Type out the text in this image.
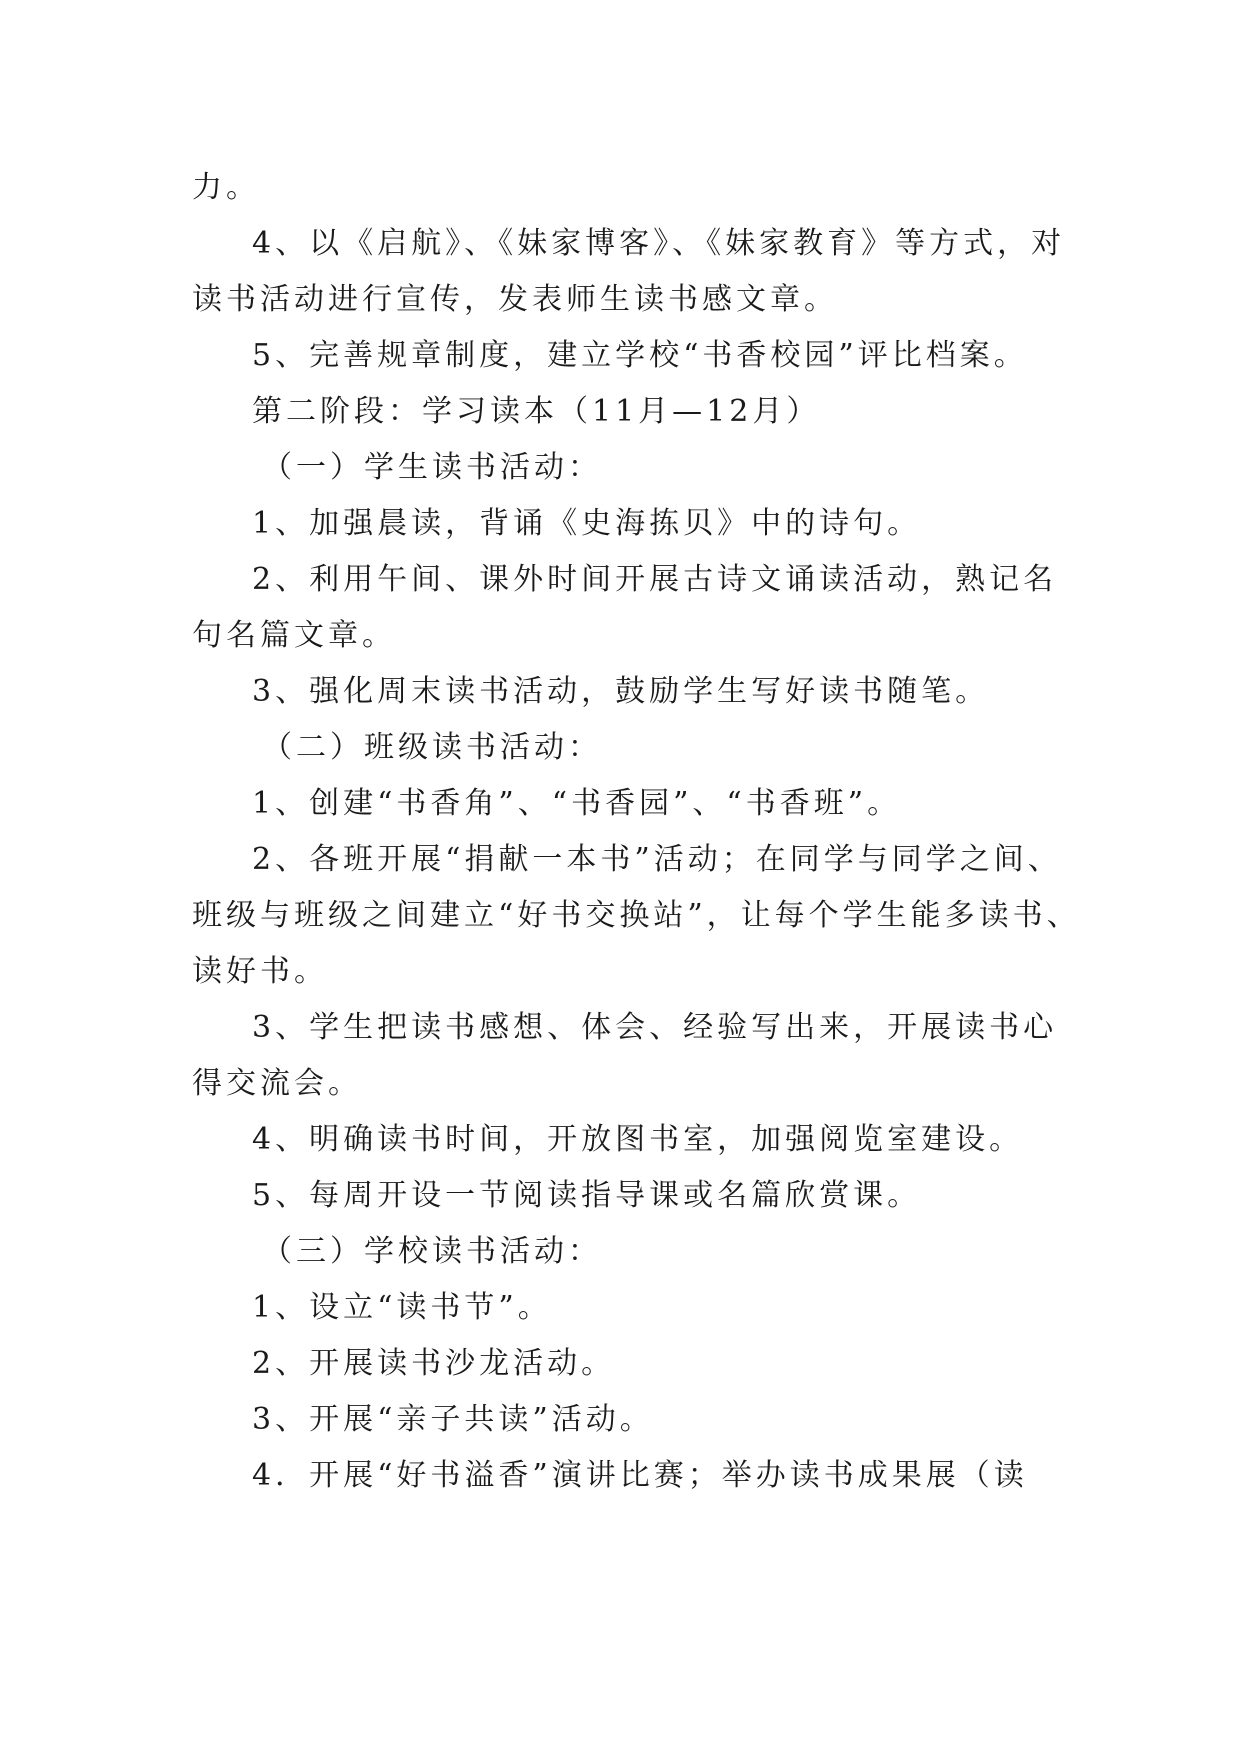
力。
4、以《启航》、《妹家博客》、《妹家教育》等方式，对
读书活动进行宣传，发表师生读书感文章。
5、完善规章制度，建立学校“书香校园”评比档案。
第二阶段：学习读本（11月—12月）
（一）学生读书活动：
1、加强晨读，背诵《史海拣贝》中的诗句。
2、利用午间、课外时间开展古诗文诵读活动，熟记名
句名篇文章。
3、强化周末读书活动，鼓励学生写好读书随笔。
（二）班级读书活动：
1、创建“书香角”、“书香园”、“书香班”。
2、各班开展“捐献一本书”活动；在同学与同学之间、
班级与班级之间建立“好书交换站”，让每个学生能多读书、
读好书。
3、学生把读书感想、体会、经验写出来，开展读书心
得交流会。
4、明确读书时间，开放图书室，加强阅览室建设。
5、每周开设一节阅读指导课或名篇欣赏课。
（三）学校读书活动：
1、设立“读书节”。
2、开展读书沙龙活动。
3、开展“亲子共读”活动。
4．开展“好书溢香”演讲比赛；举办读书成果展（读
